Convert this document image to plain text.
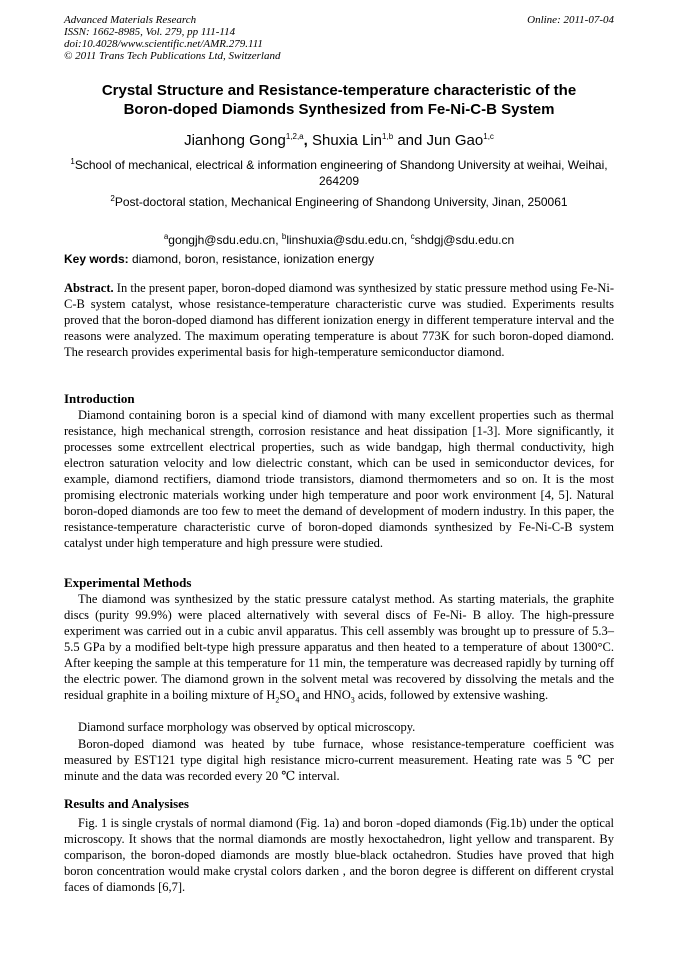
Advanced Materials Research
ISSN: 1662-8985, Vol. 279, pp 111-114
doi:10.4028/www.scientific.net/AMR.279.111
© 2011 Trans Tech Publications Ltd, Switzerland
Online: 2011-07-04
Crystal Structure and Resistance-temperature characteristic of the
Boron-doped Diamonds Synthesized from Fe-Ni-C-B System
Jianhong Gong$^{1,2,a}$, Shuxia Lin$^{1,b}$ and Jun Gao$^{1,c}$
$^1$School of mechanical, electrical & information engineering of Shandong University at weihai, Weihai, 264209
$^2$Post-doctoral station, Mechanical Engineering of Shandong University, Jinan, 250061

$^a$gongjh@sdu.edu.cn, $^b$linshuxia@sdu.edu.cn, $^c$shdgj@sdu.edu.cn

Key words: diamond, boron, resistance, ionization energy
Abstract. In the present paper, boron-doped diamond was synthesized by static pressure method using Fe-Ni-C-B system catalyst, whose resistance-temperature characteristic curve was studied. Experiments results proved that the boron-doped diamond has different ionization energy in different temperature interval and the reasons were analyzed. The maximum operating temperature is about 773K for such boron-doped diamond. The research provides experimental basis for high-temperature semiconductor diamond.
Introduction
Diamond containing boron is a special kind of diamond with many excellent properties such as thermal resistance, high mechanical strength, corrosion resistance and heat dissipation [1-3]. More significantly, it processes some extrcellent electrical properties, such as wide bandgap, high thermal conductivity, high electron saturation velocity and low dielectric constant, which can be used in semiconductor devices, for example, diamond rectifiers, diamond triode transistors, diamond thermometers and so on. It is the most promising electronic materials working under high temperature and poor work environment [4, 5]. Natural boron-doped diamonds are too few to meet the demand of development of modern industry. In this paper, the resistance-temperature characteristic curve of boron-doped diamonds synthesized by Fe-Ni-C-B system catalyst under high temperature and high pressure were studied.
Experimental Methods
The diamond was synthesized by the static pressure catalyst method. As starting materials, the graphite discs (purity 99.9%) were placed alternatively with several discs of Fe-Ni- B alloy. The high-pressure experiment was carried out in a cubic anvil apparatus. This cell assembly was brought up to pressure of 5.3–5.5 GPa by a modified belt-type high pressure apparatus and then heated to a temperature of about 1300°C. After keeping the sample at this temperature for 11 min, the temperature was decreased rapidly by turning off the electric power. The diamond grown in the solvent metal was recovered by dissolving the metals and the residual graphite in a boiling mixture of $H_2SO_4$ and $HNO_3$ acids, followed by extensive washing.
Diamond surface morphology was observed by optical microscopy.
Boron-doped diamond was heated by tube furnace, whose resistance-temperature coefficient was measured by EST121 type digital high resistance micro-current measurement. Heating rate was 5 ℃ per minute and the data was recorded every 20 ℃ interval.
Results and Analysises
Fig. 1 is single crystals of normal diamond (Fig. 1a) and boron -doped diamonds (Fig.1b) under the optical microscopy. It shows that the normal diamonds are mostly hexoctahedron, light yellow and transparent. By comparison, the boron-doped diamonds are mostly blue-black octahedron. Studies have proved that high boron concentration would make crystal colors darken , and the boron degree is different on different crystal faces of diamonds [6,7].
